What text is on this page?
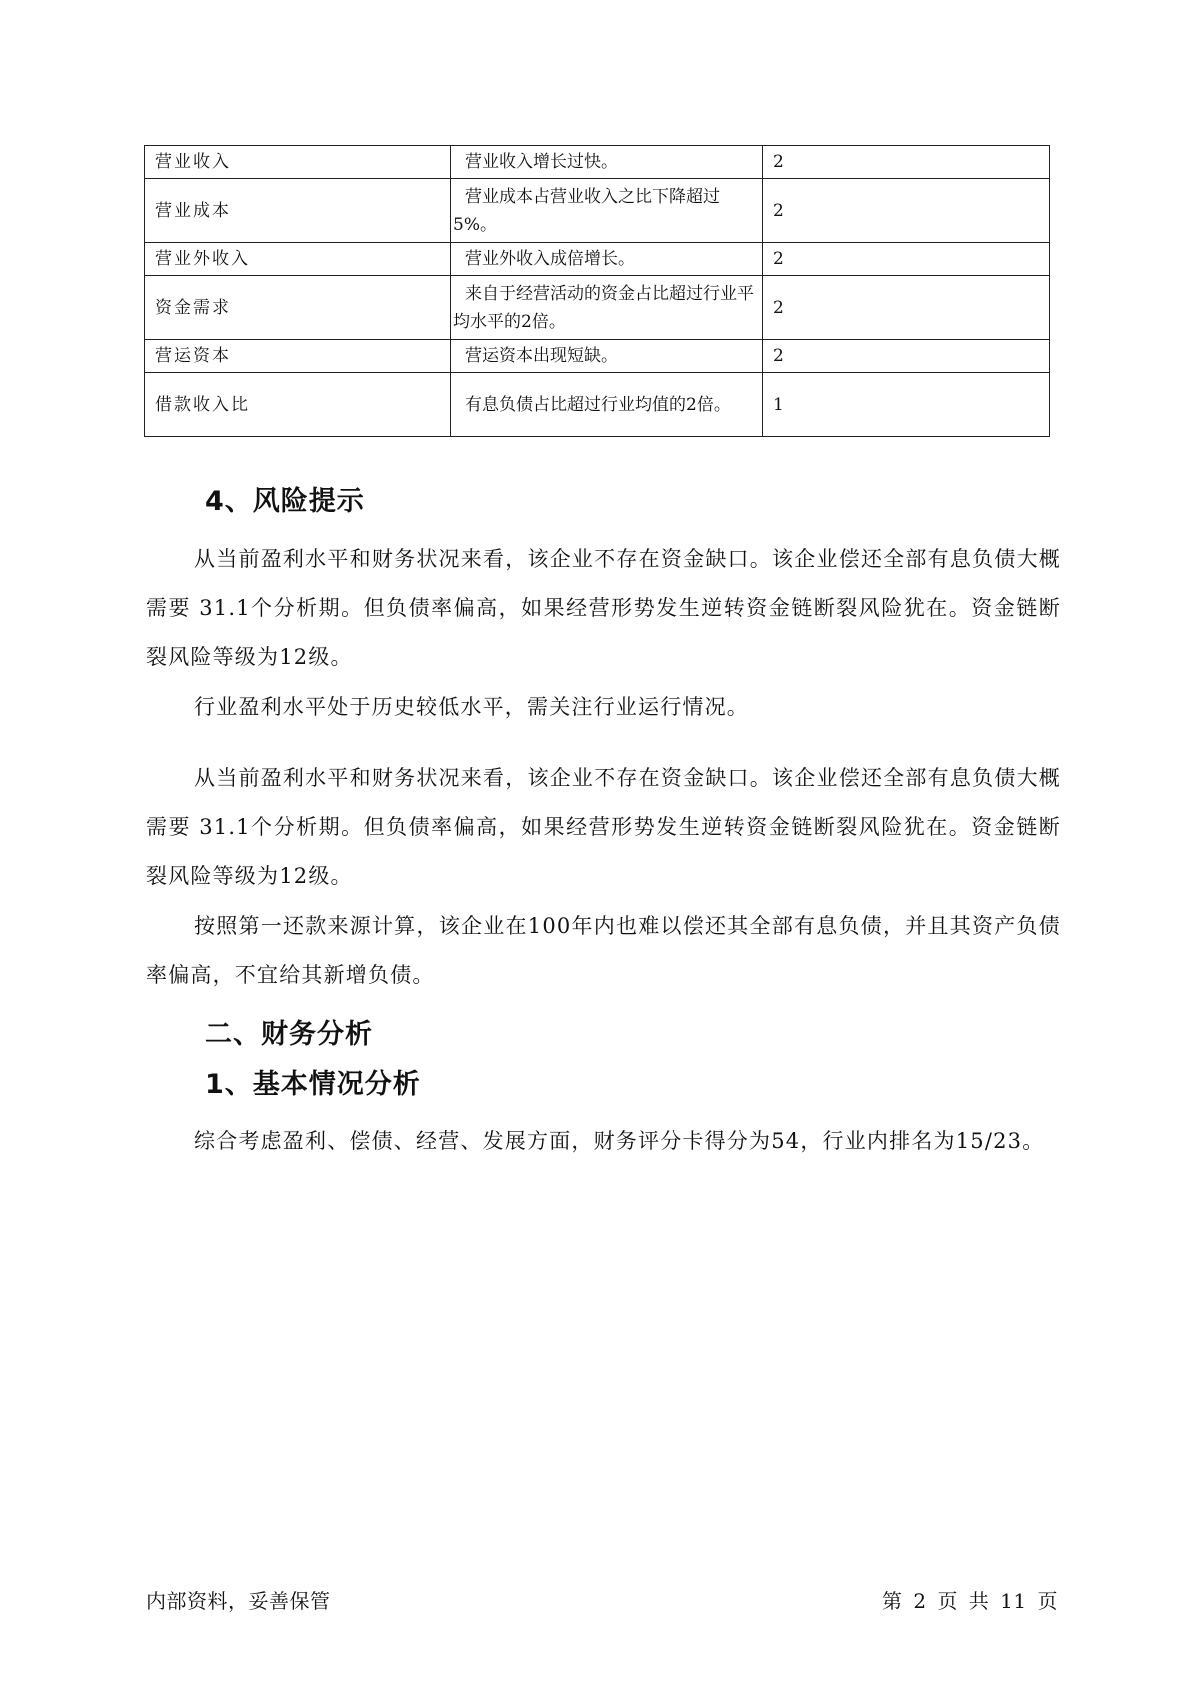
营业收入	营业收入增长过快。	2
营业成本	营业成本占营业收入之比下降超过5%。	2
营业外收入	营业外收入成倍增长。	2
资金需求	来自于经营活动的资金占比超过行业平均水平的2倍。	2
营运资本	营运资本出现短缺。	2
借款收入比	有息负债占比超过行业均值的2倍。	1
4、风险提示
从当前盈利水平和财务状况来看，该企业不存在资金缺口。该企业偿还全部有息负债大概需要 31.1个分析期。但负债率偏高，如果经营形势发生逆转资金链断裂风险犹在。资金链断裂风险等级为12级。
行业盈利水平处于历史较低水平，需关注行业运行情况。
从当前盈利水平和财务状况来看，该企业不存在资金缺口。该企业偿还全部有息负债大概需要 31.1个分析期。但负债率偏高，如果经营形势发生逆转资金链断裂风险犹在。资金链断裂风险等级为12级。
按照第一还款来源计算，该企业在100年内也难以偿还其全部有息负债，并且其资产负债率偏高，不宜给其新增负债。
二、财务分析
1、基本情况分析
综合考虑盈利、偿债、经营、发展方面，财务评分卡得分为54，行业内排名为15/23。
内部资料，妥善保管	第 2 页 共 11 页
